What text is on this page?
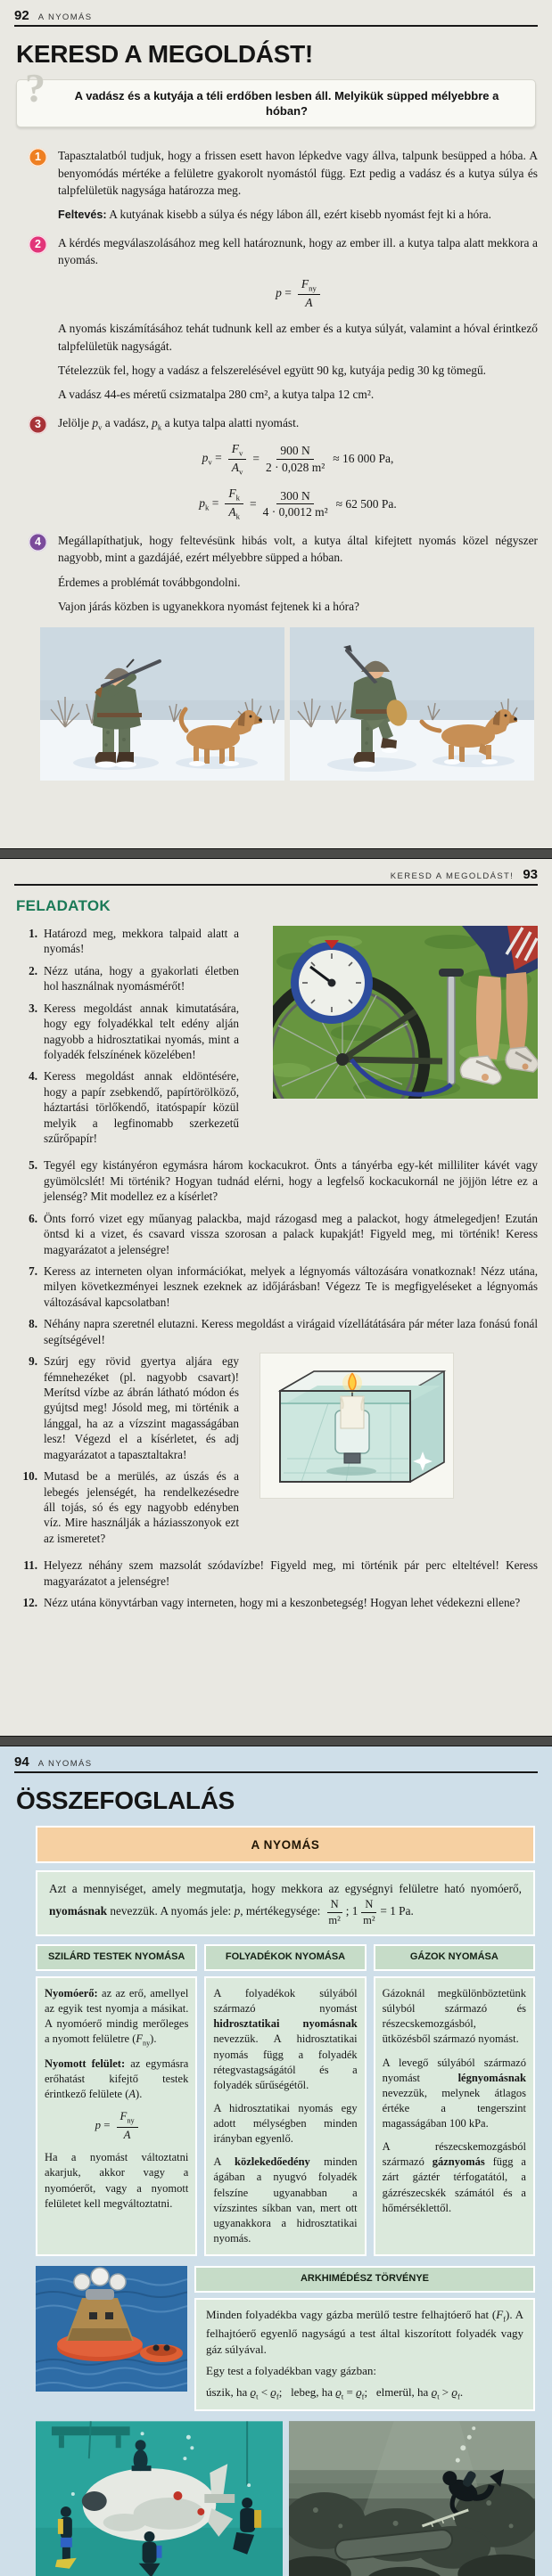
92 A NYOMÁS
KERESD A MEGOLDÁST!
?	A vadász és a kutyája a téli erdőben lesben áll. Melyikük süpped mélyebbre a hóban?
1	Tapasztalatból tudjuk, hogy a frissen esett havon lépkedve vagy állva, talpunk besüpped a hóba. A benyomódás mértéke a felületre gyakorolt nyomástól függ. Ezt pedig a vadász és a kutya súlya és talpfelületük nagysága határozza meg.

Feltevés: A kutyának kisebb a súlya és négy lábon áll, ezért kisebb nyomást fejt ki a hóra.

2	A kérdés megválaszolásához meg kell határoznunk, hogy az ember ill. a kutya talpa alatt mekkora a nyomás.

$p = \frac{F_{ny}}{A}$

A nyomás kiszámításához tehát tudnunk kell az ember és a kutya súlyát, valamint a hóval érintkező talpfelületük nagyságát.

Tételezzük fel, hogy a vadász a felszerelésével együtt 90 kg, kutyája pedig 30 kg tömegű.

A vadász 44-es méretű csizmatalpa 280 cm², a kutya talpa 12 cm².

3	Jelölje $p_v$ a vadász, $p_k$ a kutya talpa alatti nyomást.

$p_v = \frac{F_v}{A_v} = \frac{900 N}{\text{2 · 0,028 m²}} \approx 16$ 000 Pa,
$p_k = \frac{F_k}{A_k} = \frac{300 N}{\text{4 · 0,0012 m²}} \approx 62$ 500 Pa.
4	Megállapíthatjuk, hogy feltevésünk hibás volt, a kutya által kifejtett nyomás közel négyszer nagyobb, mint a gazdájáé, ezért mélyebbre süpped a hóban.

Érdemes a problémát továbbgondolni.

Vajon járás közben is ugyanekkora nyomást fejtenek ki a hóra?

KERESD A MEGOLDÁST! 93
FELADATOK
1. Határozd meg, mekkora talpaid alatt a nyomás!
2. Nézz utána, hogy a gyakorlati életben hol használnak nyomásmérőt!
3. Keress megoldást annak kimutatására, hogy egy folyadékkal telt edény alján nagyobb a hidrosztatikai nyomás, mint a folyadék felszínének közelében!
4. Keress megoldást annak eldöntésére, hogy a papír zsebkendő, papírtörölköző, háztartási törlőkendő, itatóspapír közül melyik a legfinomabb szerkezetű szűrőpapír!
5. Tegyél egy kistányéron egymásra három kockacukrot. Önts a tányérba egy-két milliliter kávét vagy gyümölcslét! Mi történik? Hogyan tudnád elérni, hogy a legfelső kockacukornál ne jöjjön létre ez a jelenség? Mit modellez ez a kísérlet?
6. Önts forró vizet egy műanyag palackba, majd rázogasd meg a palackot, hogy átmelegedjen! Ezután öntsd ki a vizet, és csavard vissza szorosan a palack kupakját! Figyeld meg, mi történik! Keress magyarázatot a jelenségre!
7. Keress az interneten olyan információkat, melyek a légnyomás változására vonatkoznak! Nézz utána, milyen következményei lesznek ezeknek az időjárásban! Végezz Te is megfigyeléseket a légnyomás változásával kapcsolatban!
8. Néhány napra szeretnél elutazni. Keress megoldást a virágaid vízellátátására pár méter laza fonású fonál segítségével!
9. Szúrj egy rövid gyertya aljára egy fémnehezéket (pl. nagyobb csavart)! Merítsd vízbe az ábrán látható módon és gyújtsd meg! Jósold meg, mi történik a lánggal, ha az a vízszint magasságában lesz! Végezd el a kísérletet, és adj magyarázatot a tapasztaltakra!
10. Mutasd be a merülés, az úszás és a lebegés jelenségét, ha rendelkezésedre áll tojás, só és egy nagyobb edényben víz. Mire használják a háziasszonyok ezt az ismeretet?
11. Helyezz néhány szem mazsolát szódavízbe! Figyeld meg, mi történik pár perc elteltével! Keress magyarázatot a jelenségre!
12. Nézz utána könyvtárban vagy interneten, hogy mi a keszonbetegség! Hogyan lehet védekezni ellene?
94 A NYOMÁS
ÖSSZEFOGLALÁS
A NYOMÁS

Azt a mennyiséget, amely megmutatja, hogy mekkora az egységnyi felületre ható nyomóerő, nyomásnak nevezzük. A nyomás jele: p, mértékegysége: $\frac{N}{\text{m²}}$ ; $1 \frac{N}{\text{m²}} = 1$ Pa.

SZILÁRD TESTEK NYOMÁSA

Nyomóerő: az az erő, amellyel az egyik test nyomja a másikat. A nyomóerő mindig merőleges a nyomott felületre $(F_{ny})$.

Nyomott felület: az egymásra erőhatást kifejtő testek érintkező felülete (A).

$p = \frac{F_{ny}}{A}$

Ha a nyomást változtatni akarjuk, akkor vagy a nyomóerőt, vagy a nyomott felületet kell megváltoztatni.

FOLYADÉKOK NYOMÁSA

A folyadékok súlyából származó nyomást hidrosztatikai nyomásnak nevezzük. A hidrosztatikai nyomás függ a folyadék rétegvastagságától és a folyadék sűrűségétől.

A hidrosztatikai nyomás egy adott mélységben minden irányban egyenlő.

A közlekedőedény minden ágában a nyugvó folyadék felszíne ugyanabban a vízszintes síkban van, mert ott ugyanakkora a hidrosztatikai nyomás.

GÁZOK NYOMÁSA

Gázoknál megkülönböztetünk súlyból származó és részecskemozgásból, ütközésből származó nyomást.

A levegő súlyából származó nyomást légnyomásnak nevezzük, melynek átlagos értéke a tengerszint magasságában 100 kPa.

A részecskemozgásból származó gáznyomás függ a zárt gáztér térfogatától, a gázrészecskék számától és a hőmérséklettől.

ARKHIMÉDÉSZ TÖRVÉNYE

Minden folyadékba vagy gázba merülő testre felhajtóerő hat $(F_f)$. A felhajtóerő egyenlő nagyságú a test által kiszorított folyadék vagy gáz súlyával.

Egy test a folyadékban vagy gázban:

úszik, ha $ϱ_t < ϱ_f$;  lebeg, ha $ϱ_t = ϱ_f$;  elmerül, ha $ϱ_t > ϱ_f$.
